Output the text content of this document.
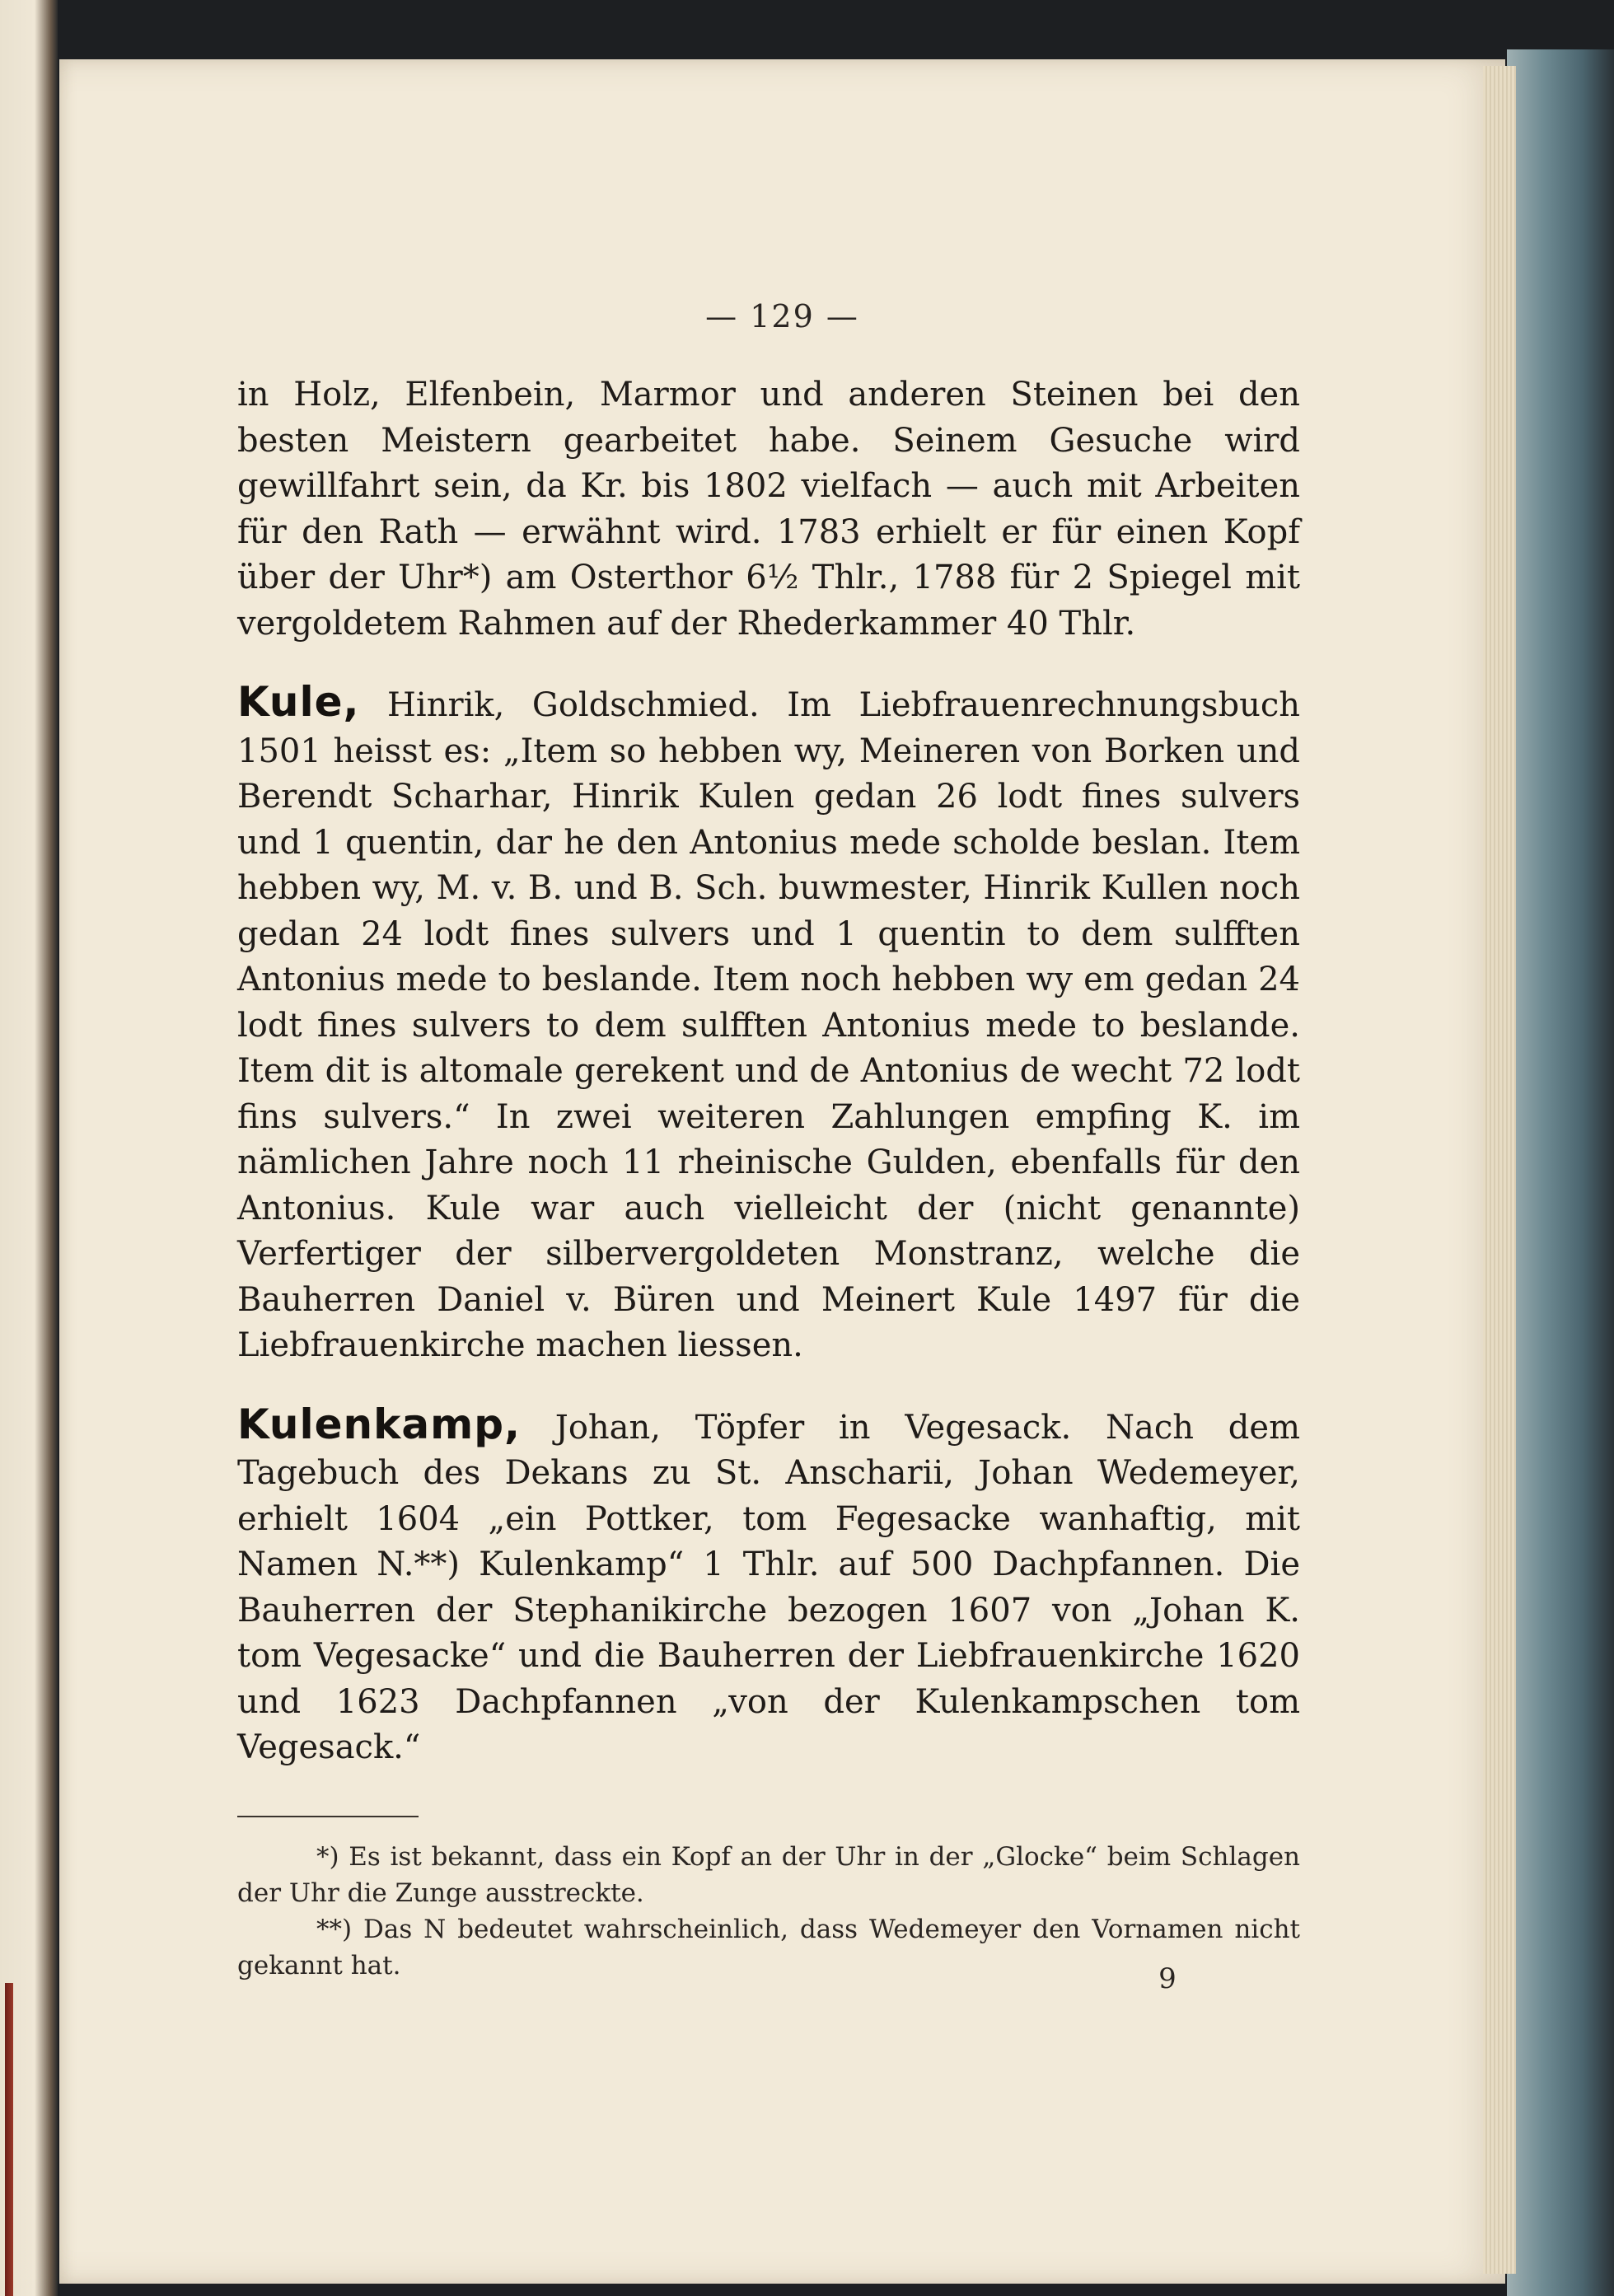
— 129 —

in Holz, Elfenbein, Marmor und anderen Steinen bei den besten Meistern gearbeitet habe. Seinem Gesuche wird gewillfahrt sein, da Kr. bis 1802 vielfach — auch mit Arbeiten für den Rath — erwähnt wird. 1783 erhielt er für einen Kopf über der Uhr*) am Osterthor 6½ Thlr., 1788 für 2 Spiegel mit vergoldetem Rahmen auf der Rhederkammer 40 Thlr.

Kule, Hinrik, Goldschmied. Im Liebfrauenrechnungsbuch 1501 heisst es: „Item so hebben wy, Meineren von Borken und Berendt Scharhar, Hinrik Kulen gedan 26 lodt fines sulvers und 1 quentin, dar he den Antonius mede scholde beslan. Item hebben wy, M. v. B. und B. Sch. buwmester, Hinrik Kullen noch gedan 24 lodt fines sulvers und 1 quentin to dem sulfften Antonius mede to beslande. Item noch hebben wy em gedan 24 lodt fines sulvers to dem sulfften Antonius mede to beslande. Item dit is altomale gerekent und de Antonius de wecht 72 lodt fins sulvers.“ In zwei weiteren Zahlungen empfing K. im nämlichen Jahre noch 11 rheinische Gulden, ebenfalls für den Antonius. Kule war auch vielleicht der (nicht genannte) Verfertiger der silbervergoldeten Monstranz, welche die Bauherren Daniel v. Büren und Meinert Kule 1497 für die Liebfrauenkirche machen liessen.

Kulenkamp, Johan, Töpfer in Vegesack. Nach dem Tagebuch des Dekans zu St. Anscharii, Johan Wedemeyer, erhielt 1604 „ein Pottker, tom Fegesacke wanhaftig, mit Namen N.**) Kulenkamp“ 1 Thlr. auf 500 Dachpfannen. Die Bauherren der Stephanikirche bezogen 1607 von „Johan K. tom Vegesacke“ und die Bauherren der Liebfrauenkirche 1620 und 1623 Dachpfannen „von der Kulenkampschen tom Vegesack.“

*) Es ist bekannt, dass ein Kopf an der Uhr in der „Glocke“ beim Schlagen der Uhr die Zunge ausstreckte.

**) Das N bedeutet wahrscheinlich, dass Wedemeyer den Vornamen nicht gekannt hat.	9
